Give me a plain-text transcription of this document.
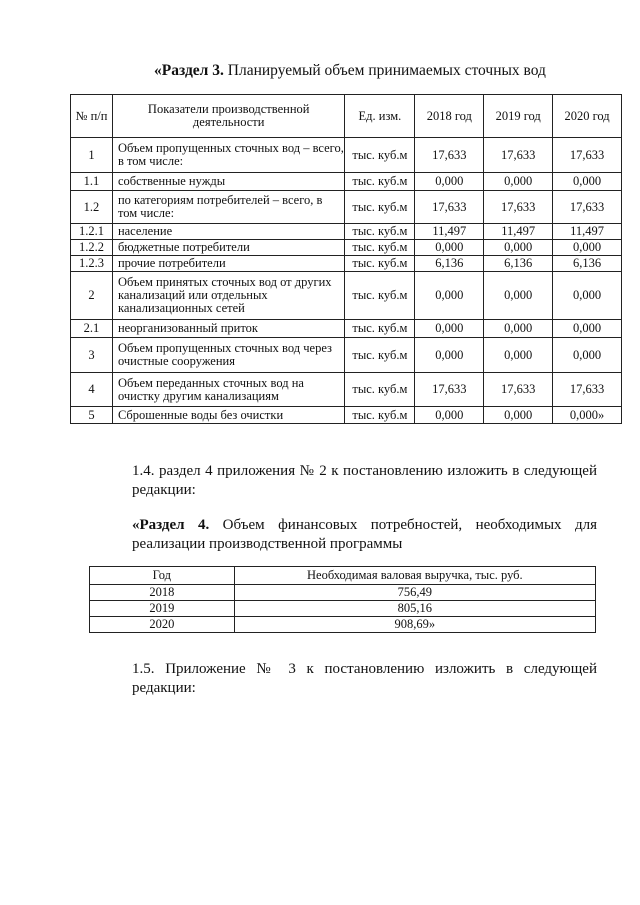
«Раздел 3. Планируемый объем принимаемых сточных вод
№ п/п	Показатели производственной деятельности	Ед. изм.	2018 год	2019 год	2020 год
1	Объем пропущенных сточных вод – всего, в том числе:	тыс. куб.м	17,633	17,633	17,633
1.1	собственные нужды	тыс. куб.м	0,000	0,000	0,000
1.2	по категориям потребителей – всего, в том числе:	тыс. куб.м	17,633	17,633	17,633
1.2.1	население	тыс. куб.м	11,497	11,497	11,497
1.2.2	бюджетные потребители	тыс. куб.м	0,000	0,000	0,000
1.2.3	прочие потребители	тыс. куб.м	6,136	6,136	6,136
2	Объем принятых сточных вод от других канализаций или отдельных канализационных сетей	тыс. куб.м	0,000	0,000	0,000
2.1	неорганизованный приток	тыс. куб.м	0,000	0,000	0,000
3	Объем пропущенных сточных вод через очистные сооружения	тыс. куб.м	0,000	0,000	0,000
4	Объем переданных сточных вод на очистку другим канализациям	тыс. куб.м	17,633	17,633	17,633
5	Сброшенные воды без очистки	тыс. куб.м	0,000	0,000	0,000»
1.4. раздел 4 приложения № 2 к постановлению изложить в следующей редакции:
«Раздел 4. Объем финансовых потребностей, необходимых для реализации производственной программы
Год	Необходимая валовая выручка, тыс. руб.
2018	756,49
2019	805,16
2020	908,69»
1.5. Приложение № 3 к постановлению изложить в следующей редакции:
